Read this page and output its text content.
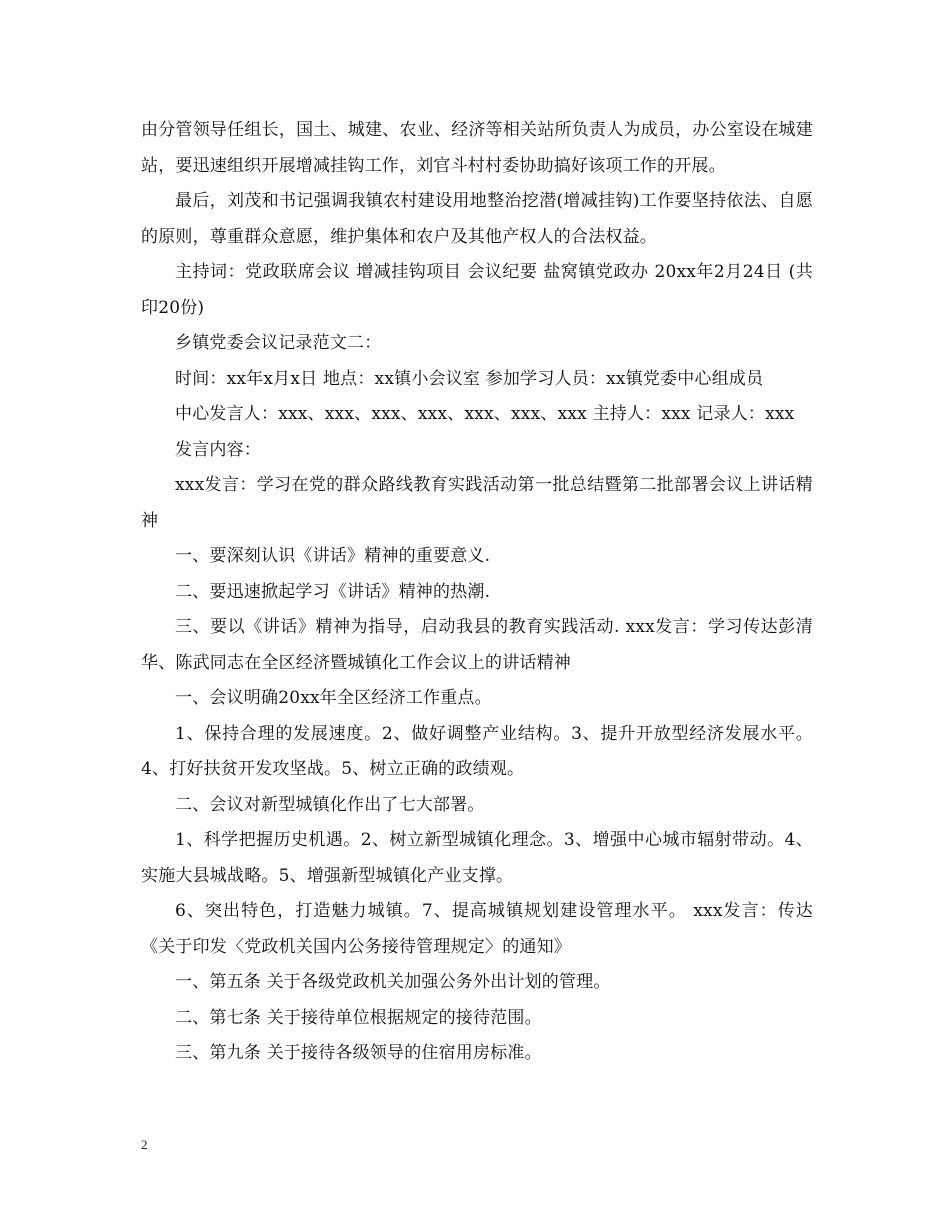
由分管领导任组长，国土、城建、农业、经济等相关站所负责人为成员，办公室设在城建站，要迅速组织开展增减挂钩工作，刘官斗村村委协助搞好该项工作的开展。

最后，刘茂和书记强调我镇农村建设用地整治挖潜(增减挂钩)工作要坚持依法、自愿的原则，尊重群众意愿，维护集体和农户及其他产权人的合法权益。

主持词：党政联席会议 增减挂钩项目 会议纪要 盐窝镇党政办 20xx年2月24日 (共印20份)

乡镇党委会议记录范文二：

时间：xx年x月x日 地点：xx镇小会议室 参加学习人员：xx镇党委中心组成员

中心发言人：xxx、xxx、xxx、xxx、xxx、xxx、xxx 主持人：xxx 记录人：xxx

发言内容：

xxx发言：学习在党的群众路线教育实践活动第一批总结暨第二批部署会议上讲话精神

一、要深刻认识《讲话》精神的重要意义.

二、要迅速掀起学习《讲话》精神的热潮.

三、要以《讲话》精神为指导，启动我县的教育实践活动. xxx发言：学习传达彭清华、陈武同志在全区经济暨城镇化工作会议上的讲话精神

一、会议明确20xx年全区经济工作重点。

1、保持合理的发展速度。2、做好调整产业结构。3、提升开放型经济发展水平。4、打好扶贫开发攻坚战。5、树立正确的政绩观。

二、会议对新型城镇化作出了七大部署。

1、科学把握历史机遇。2、树立新型城镇化理念。3、增强中心城市辐射带动。4、实施大县城战略。5、增强新型城镇化产业支撑。

6、突出特色，打造魅力城镇。7、提高城镇规划建设管理水平。 xxx发言：传达《关于印发〈党政机关国内公务接待管理规定〉的通知》

一、第五条 关于各级党政机关加强公务外出计划的管理。

二、第七条 关于接待单位根据规定的接待范围。

三、第九条 关于接待各级领导的住宿用房标准。

2
